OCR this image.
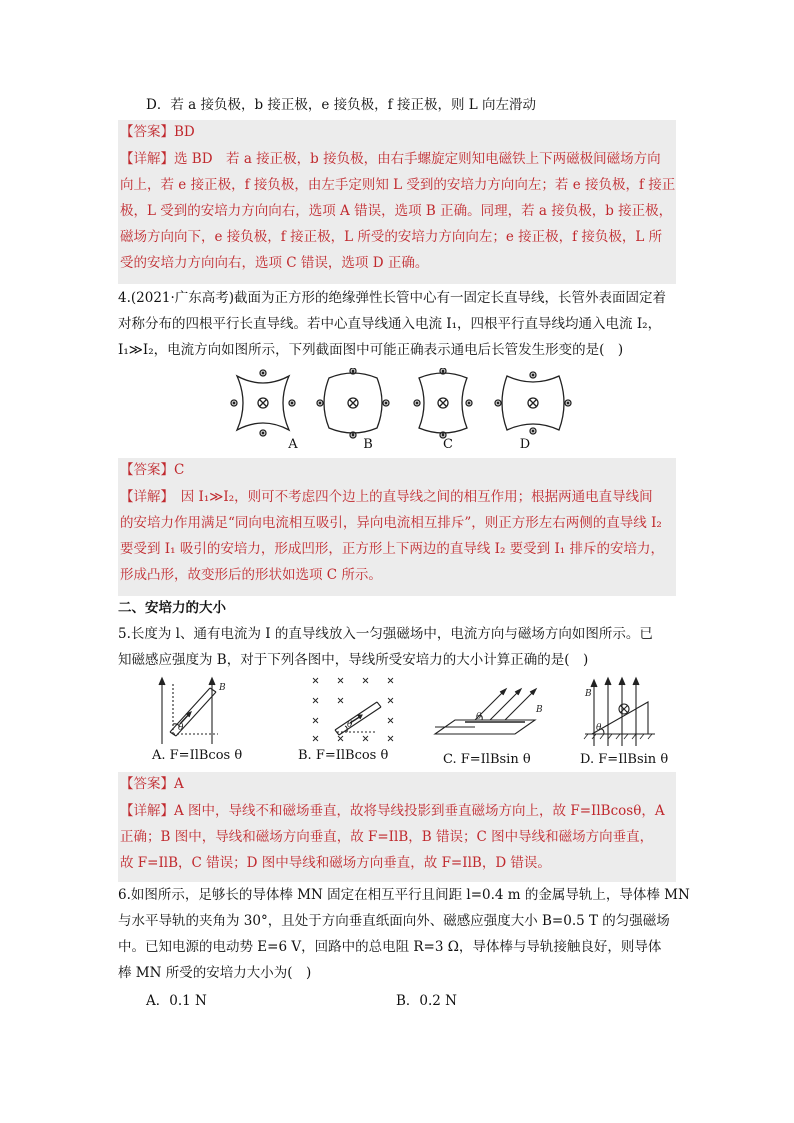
D．若 a 接负极，b 接正极，e 接负极，f 接正极，则 L 向左滑动
【答案】BD
【详解】选 BD　若 a 接正极，b 接负极，由右手螺旋定则知电磁铁上下两磁极间磁场方向
向上，若 e 接正极，f 接负极，由左手定则知 L 受到的安培力方向向左；若 e 接负极，f 接正
极，L 受到的安培力方向向右，选项 A 错误，选项 B 正确。同理，若 a 接负极，b 接正极，
磁场方向向下，e 接负极，f 接正极，L 所受的安培力方向向左；e 接正极，f 接负极，L 所
受的安培力方向向右，选项 C 错误，选项 D 正确。
4.(2021·广东高考)截面为正方形的绝缘弹性长管中心有一固定长直导线，长管外表面固定着
对称分布的四根平行长直导线。若中心直导线通入电流 I₁，四根平行直导线均通入电流 I₂，
I₁≫I₂，电流方向如图所示，下列截面图中可能正确表示通电后长管发生形变的是(　)
A	B	C	D
【答案】C
【详解】　因 I₁≫I₂，则可不考虑四个边上的直导线之间的相互作用；根据两通电直导线间
的安培力作用满足“同向电流相互吸引，异向电流相互排斥”，则正方形左右两侧的直导线 I₂
要受到 I₁ 吸引的安培力，形成凹形，正方形上下两边的直导线 I₂ 要受到 I₁ 排斥的安培力，
形成凸形，故变形后的形状如选项 C 所示。
二、安培力的大小
5.长度为 l、通有电流为 I 的直导线放入一匀强磁场中，电流方向与磁场方向如图所示。已
知磁感应强度为 B，对于下列各图中，导线所受安培力的大小计算正确的是(　)
B
θ	θ
B
θ
B
θ
A. F=IlBcos θ	B. F=IlBcos θ	C. F=IlBsin θ	D. F=IlBsin θ
【答案】A
【详解】A 图中，导线不和磁场垂直，故将导线投影到垂直磁场方向上，故 F=IlBcosθ，A
正确；B 图中，导线和磁场方向垂直，故 F=IlB，B 错误；C 图中导线和磁场方向垂直，
故 F=IlB，C 错误；D 图中导线和磁场方向垂直，故 F=IlB，D 错误。
6.如图所示，足够长的导体棒 MN 固定在相互平行且间距 l=0.4 m 的金属导轨上，导体棒 MN
与水平导轨的夹角为 30°，且处于方向垂直纸面向外、磁感应强度大小 B=0.5 T 的匀强磁场
中。已知电源的电动势 E=6 V，回路中的总电阻 R=3 Ω，导体棒与导轨接触良好，则导体
棒 MN 所受的安培力大小为(　)
A．0.1 N	B．0.2 N
